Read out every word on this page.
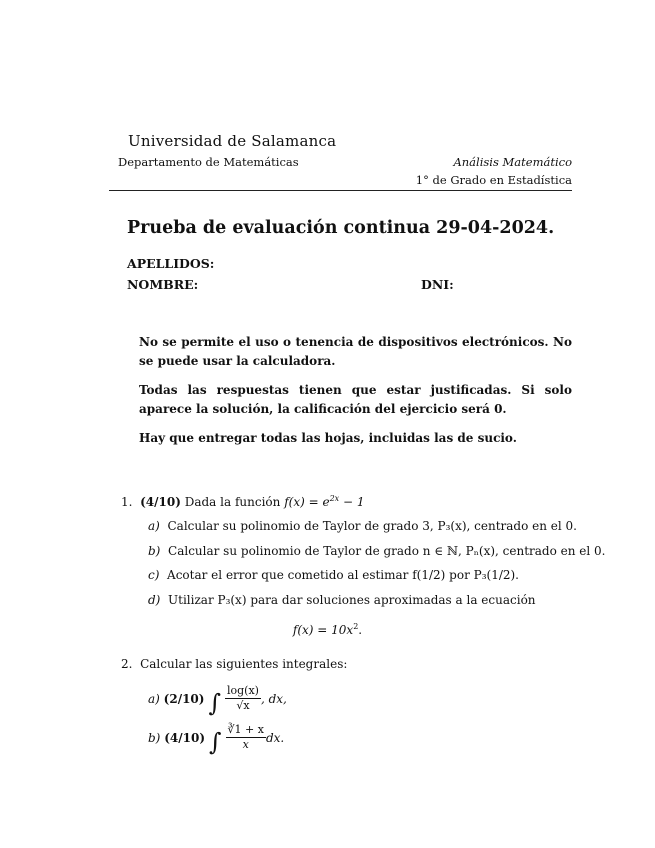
Universidad de Salamanca
Departamento de Matemáticas	Análisis Matemático
1° de Grado en Estadística
Prueba de evaluación continua 29-04-2024.
APELLIDOS:
NOMBRE:	DNI:
No se permite el uso o tenencia de dispositivos electrónicos. No se puede usar la calculadora.
Todas las respuestas tienen que estar justificadas. Si solo aparece la solución, la calificación del ejercicio será 0.
Hay que entregar todas las hojas, incluidas las de sucio.
1. (4/10) Dada la función $f(x) = e^{2x} - 1$
a) Calcular su polinomio de Taylor de grado 3, P₃(x), centrado en el 0.
b) Calcular su polinomio de Taylor de grado n ∈ ℕ, Pₙ(x), centrado en el 0.
c) Acotar el error que cometido al estimar f(1/2) por P₃(1/2).
d) Utilizar P₃(x) para dar soluciones aproximadas a la ecuación
$f(x) = 10x^2$.
2. Calcular las siguientes integrales:
a)
(2/10) ∫ $\frac{\log(x)}{√x}$ , dx,
b)
(4/10) ∫ $\frac{∛1 + x}{x}$ dx.
